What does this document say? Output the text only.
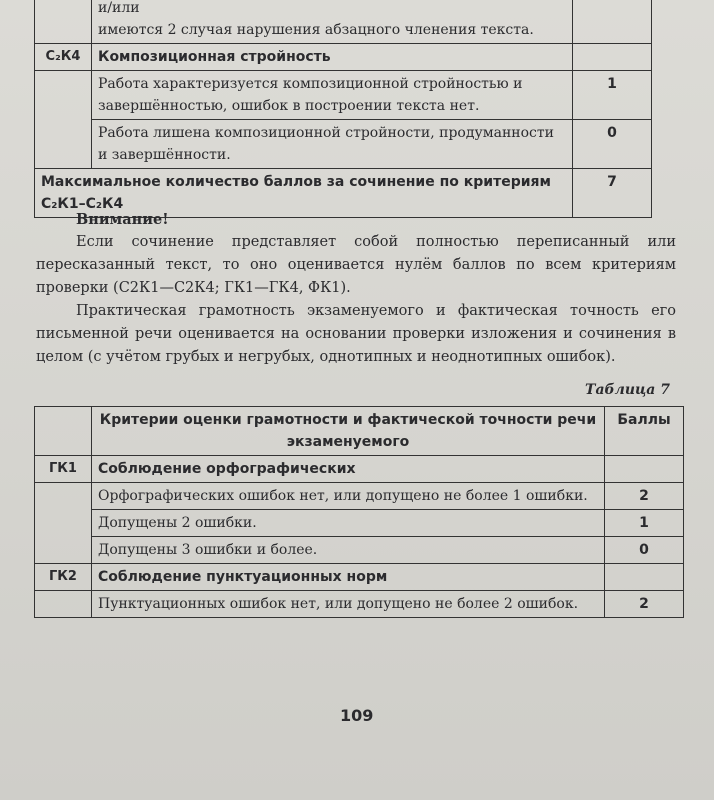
	и/или
имеются 2 случая нарушения абзацного членения текста.	
С₂К4	Композиционная стройность	
	Работа характеризуется композиционной стройностью и завершённостью, ошибок в построении текста нет.	1
	Работа лишена композиционной стройности, продуманности и завершённости.	0
Максимальное количество баллов за сочинение по критериям С₂К1–С₂К4		7
Внимание!
Если сочинение представляет собой полностью переписанный или пересказанный текст, то оно оценивается нулём баллов по всем критериям проверки (С2К1—С2К4; ГК1—ГК4, ФК1).
Практическая грамотность экзаменуемого и фактическая точность его письменной речи оценивается на основании проверки изложения и сочинения в целом (с учётом грубых и негрубых, однотипных и неоднотипных ошибок).
Таблица 7
	Критерии оценки грамотности и фактической точности речи экзаменуемого	Баллы
ГК1	Соблюдение орфографических	
	Орфографических ошибок нет, или допущено не более 1 ошибки.	2
	Допущены 2 ошибки.	1
	Допущены 3 ошибки и более.	0
ГК2	Соблюдение пунктуационных норм	
	Пунктуационных ошибок нет, или допущено не более 2 ошибок.	2
109
